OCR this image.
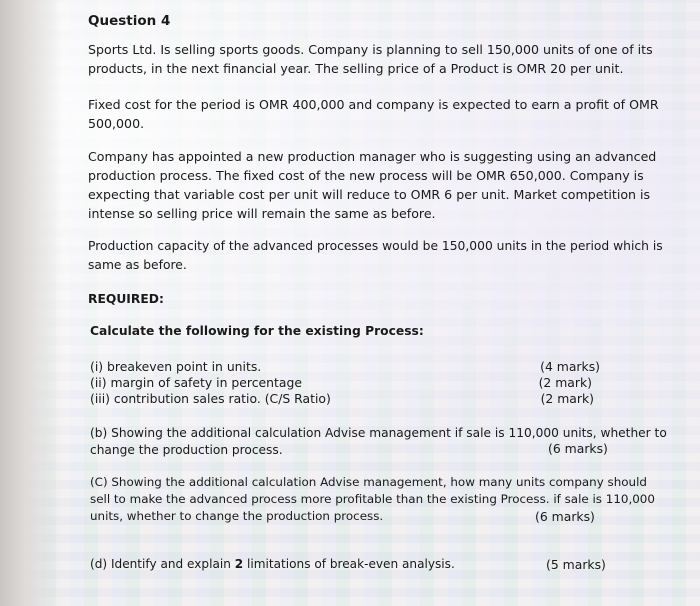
Question 4
Sports Ltd. Is selling sports goods. Company is planning to sell 150,000 units of one of its
products, in the next financial year. The selling price of a Product is OMR 20 per unit.
Fixed cost for the period is OMR 400,000 and company is expected to earn a profit of OMR
500,000.
Company has appointed a new production manager who is suggesting using an advanced
production process. The fixed cost of the new process will be OMR 650,000. Company is
expecting that variable cost per unit will reduce to OMR 6 per unit. Market competition is
intense so selling price will remain the same as before.
Production capacity of the advanced processes would be 150,000 units in the period which is
same as before.
REQUIRED:
Calculate the following for the existing Process:
(i) breakeven point in units.	(4 marks)
(ii) margin of safety in percentage	(2 mark)
(iii) contribution sales ratio. (C/S Ratio)	(2 mark)
(b) Showing the additional calculation Advise management if sale is 110,000 units, whether to
change the production process.	(6 marks)
(C) Showing the additional calculation Advise management, how many units company should
sell to make the advanced process more profitable than the existing Process. if sale is 110,000
units, whether to change the production process.	(6 marks)
(d) Identify and explain 2 limitations of break-even analysis.	(5 marks)
